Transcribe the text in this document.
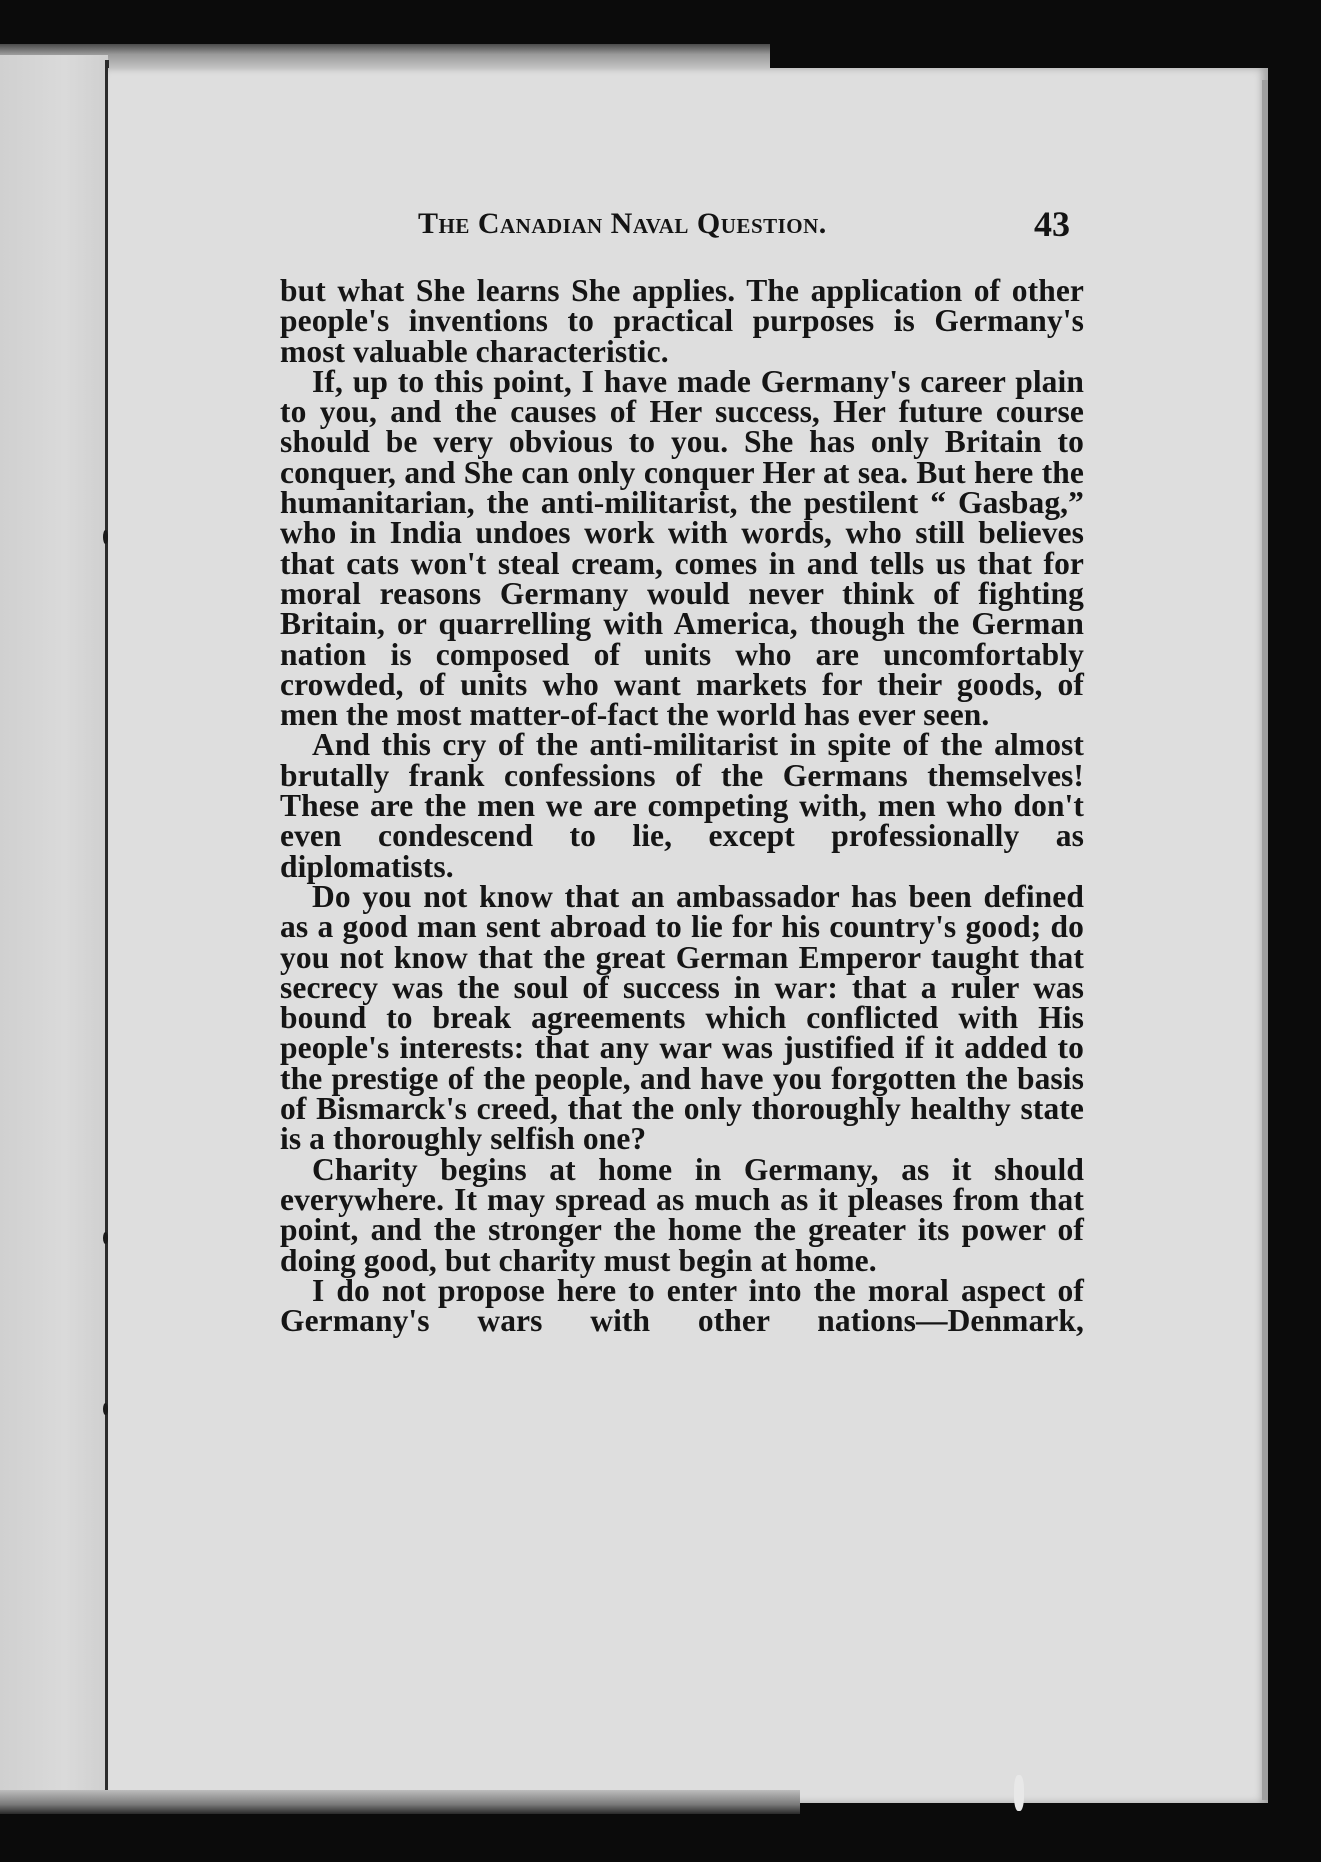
The Canadian Naval Question.	43

but what She learns She applies. The application of other people's inventions to practical purposes is Germany's most valuable characteristic.

If, up to this point, I have made Germany's career plain to you, and the causes of Her success, Her future course should be very obvious to you. She has only Britain to conquer, and She can only conquer Her at sea. But here the humanitarian, the anti-militarist, the pestilent “ Gasbag,” who in India undoes work with words, who still believes that cats won't steal cream, comes in and tells us that for moral reasons Germany would never think of fighting Britain, or quarrelling with America, though the German nation is composed of units who are uncomfortably crowded, of units who want markets for their goods, of men the most matter-of-fact the world has ever seen.

And this cry of the anti-militarist in spite of the almost brutally frank confessions of the Germans themselves! These are the men we are competing with, men who don't even condescend to lie, except professionally as diplomatists.

Do you not know that an ambassador has been defined as a good man sent abroad to lie for his country's good; do you not know that the great German Emperor taught that secrecy was the soul of success in war: that a ruler was bound to break agreements which conflicted with His people's interests: that any war was justified if it added to the prestige of the people, and have you forgotten the basis of Bismarck's creed, that the only thoroughly healthy state is a thoroughly selfish one?

Charity begins at home in Germany, as it should everywhere. It may spread as much as it pleases from that point, and the stronger the home the greater its power of doing good, but charity must begin at home.

I do not propose here to enter into the moral aspect of Germany's wars with other nations—Denmark,
